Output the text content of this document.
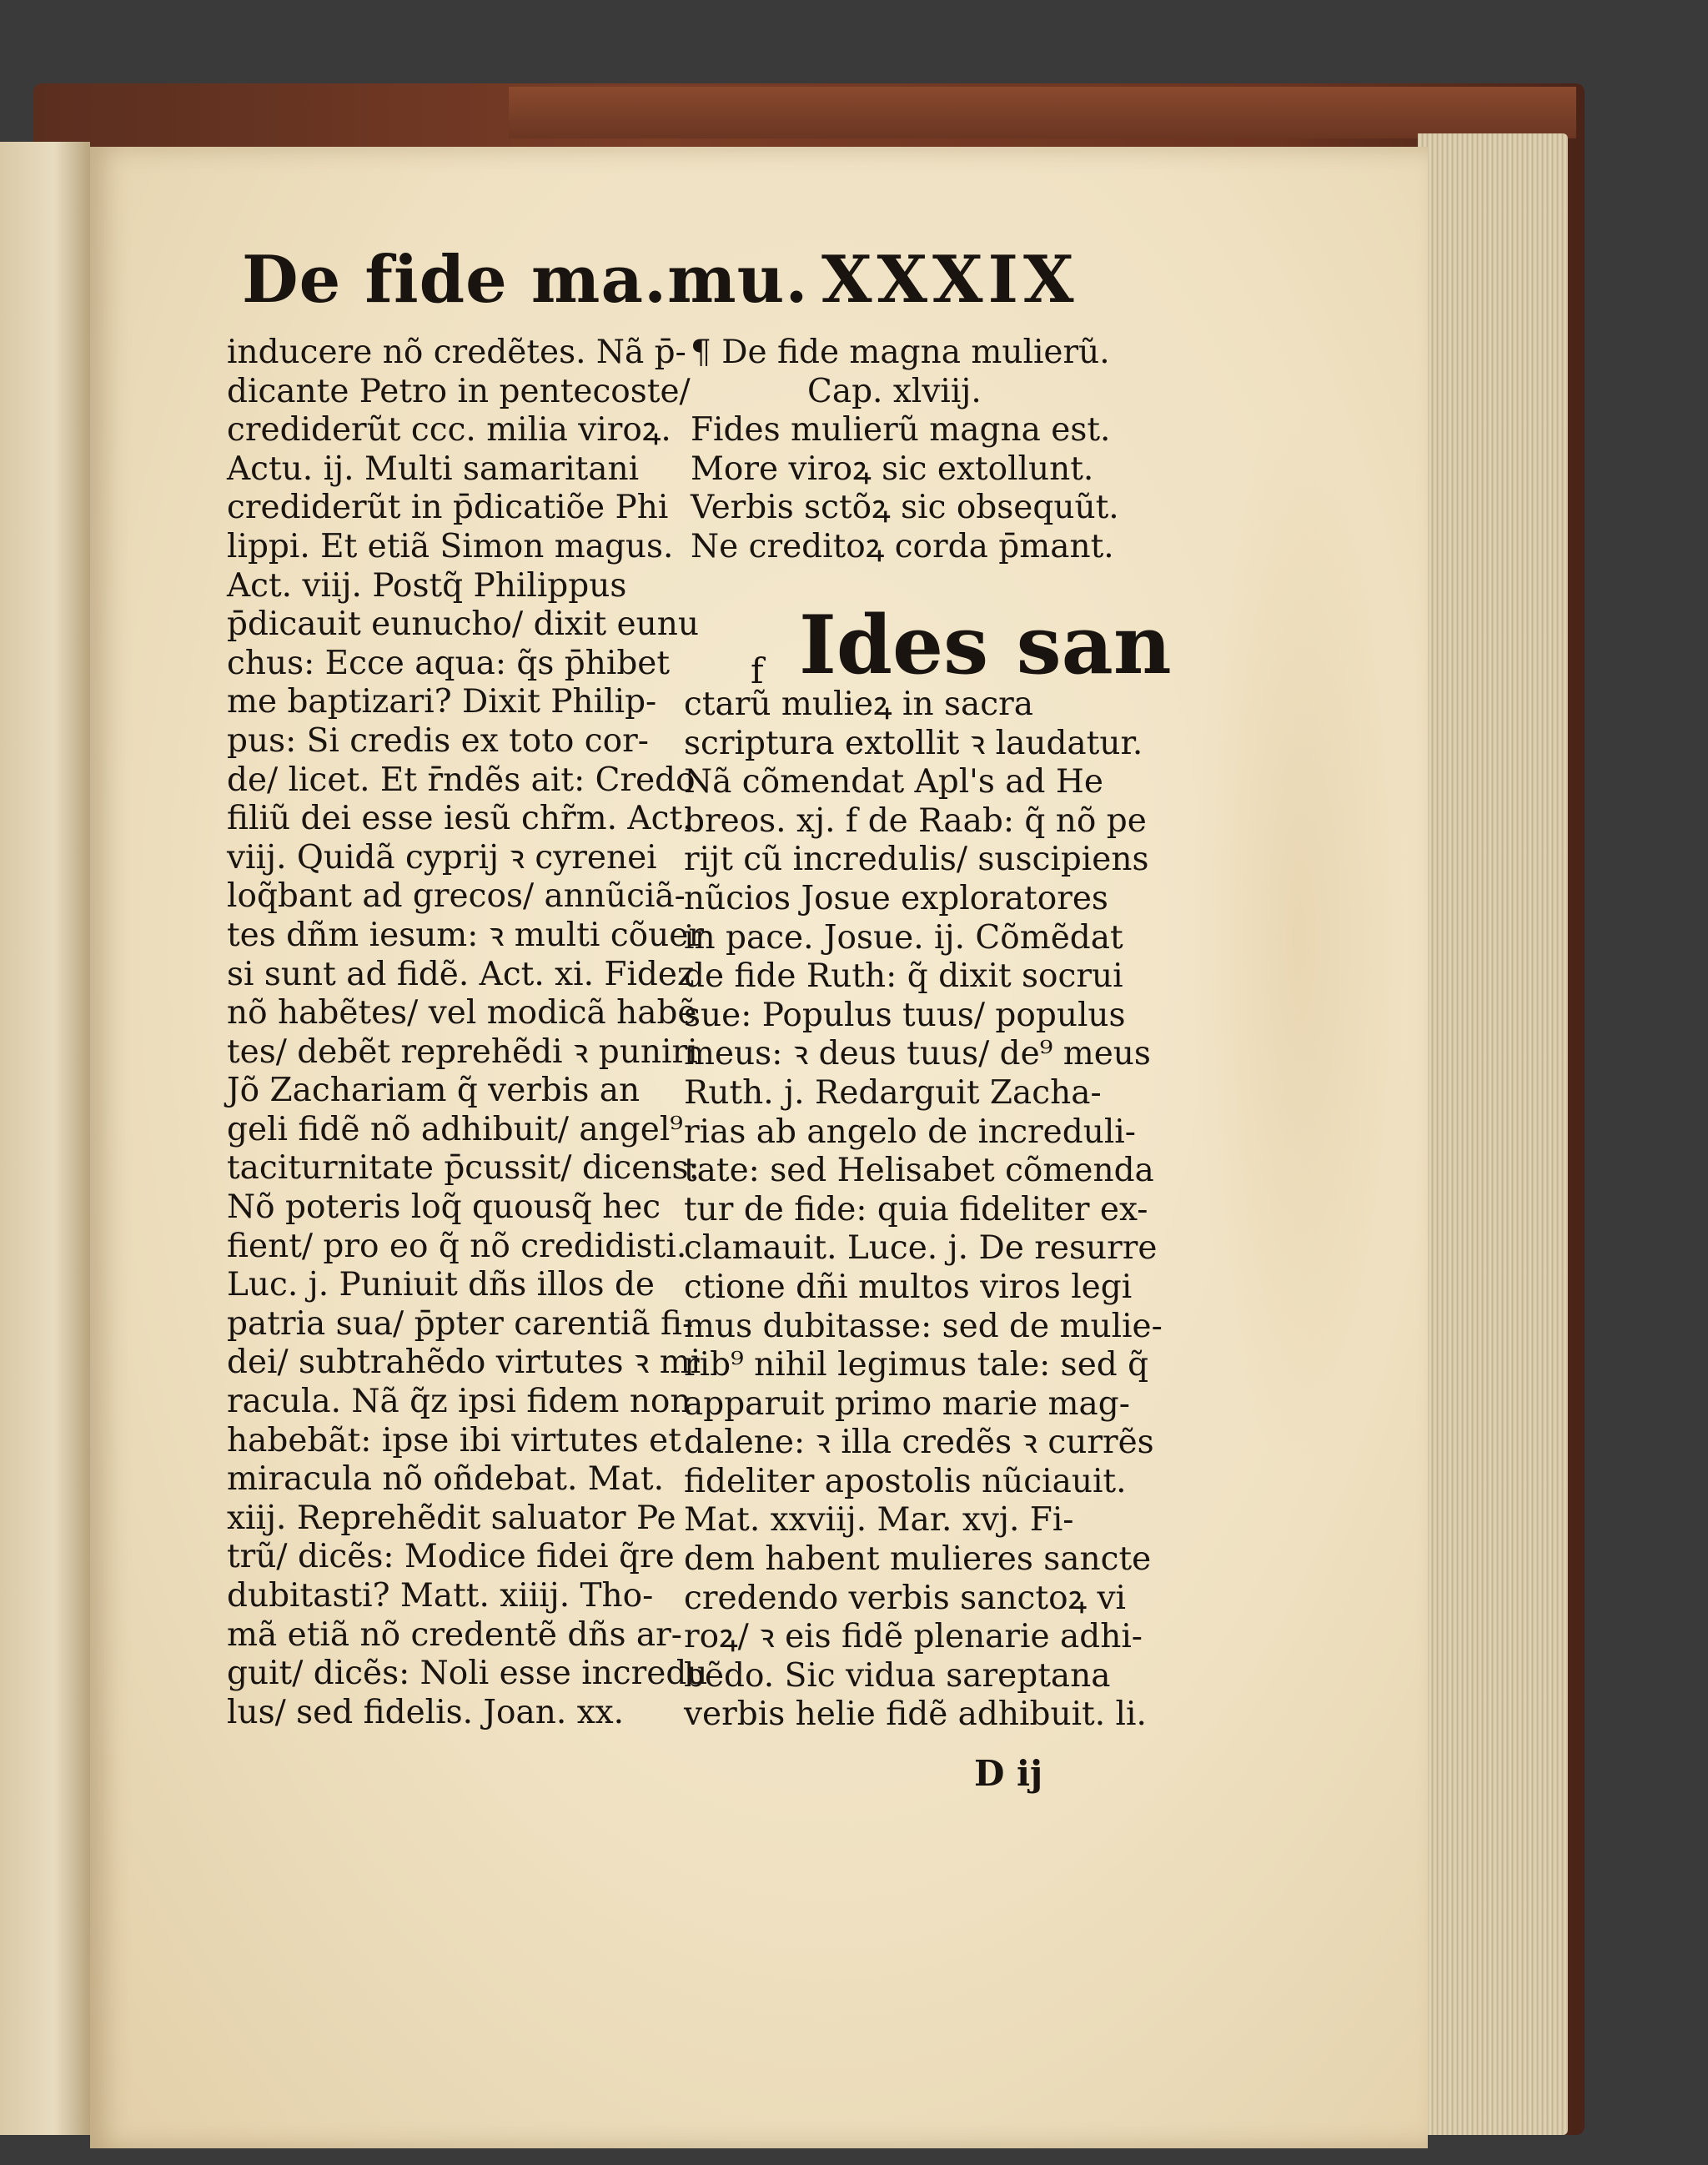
De fide ma.mu. XXXIX
inducere nõ credẽtes. Nã p̄-
dicante Petro in pentecoste/
crediderũt ccc. milia viroꝝ.
Actu. ij. Multi samaritani
crediderũt in p̄dicatiõe Phi
lippi. Et etiã Simon magus.
Act. viij. Postq̃ Philippus
p̄dicauit eunucho/ dixit eunu
chus: Ecce aqua: q̃s p̄hibet
me baptizari? Dixit Philip-
pus: Si credis ex toto cor-
de/ licet. Et r̄ndẽs ait: Credo
filiũ dei esse iesũ chr̃m. Act.
viij. Quidã cyprij ꝛ cyrenei
loq̃bant ad grecos/ annũciã-
tes dñm iesum: ꝛ multi cõuer
si sunt ad fidẽ. Act. xi. Fidez
nõ habẽtes/ vel modicã habẽ
tes/ debẽt reprehẽdi ꝛ puniri
Jõ Zachariam q̃ verbis an
geli fidẽ nõ adhibuit/ angel⁹
taciturnitate p̄cussit/ dicens:
Nõ poteris loq̃ quousq̃ hec
fient/ pro eo q̃ nõ credidisti.
Luc. j. Puniuit dñs illos de
patria sua/ p̄pter carentiã fi-
dei/ subtrahẽdo virtutes ꝛ mi
racula. Nã q̃z ipsi fidem non
habebãt: ipse ibi virtutes et
miracula nõ oñdebat. Mat.
xiij. Reprehẽdit saluator Pe
trũ/ dicẽs: Modice fidei q̃re
dubitasti? Matt. xiiij. Tho-
mã etiã nõ credentẽ dñs ar-
guit/ dicẽs: Noli esse incredu
lus/ sed fidelis. Joan. xx.
¶ De fide magna mulierũ.
Cap. xlviij.
Fides mulierũ magna est.
More viroꝝ sic extollunt.
Verbis sctõꝝ sic obsequũt.
Ne creditoꝝ corda p̄mant.
f Ides san
ctarũ mulieꝝ in sacra
scriptura extollit ꝛ laudatur.
Nã cõmendat Apl's ad He
breos. xj. f de Raab: q̃ nõ pe
rijt cũ incredulis/ suscipiens
nũcios Josue exploratores
in pace. Josue. ij. Cõmẽdat
de fide Ruth: q̃ dixit socrui
sue: Populus tuus/ populus
meus: ꝛ deus tuus/ de⁹ meus
Ruth. j. Redarguit Zacha-
rias ab angelo de increduli-
tate: sed Helisabet cõmenda
tur de fide: quia fideliter ex-
clamauit. Luce. j. De resurre
ctione dñi multos viros legi
mus dubitasse: sed de mulie-
rib⁹ nihil legimus tale: sed q̃
apparuit primo marie mag-
dalene: ꝛ illa credẽs ꝛ currẽs
fideliter apostolis nũciauit.
Mat. xxviij. Mar. xvj. Fi-
dem habent mulieres sancte
credendo verbis sanctoꝝ vi
roꝝ/ ꝛ eis fidẽ plenarie adhi-
bẽdo. Sic vidua sareptana
verbis helie fidẽ adhibuit. li.
D ij
